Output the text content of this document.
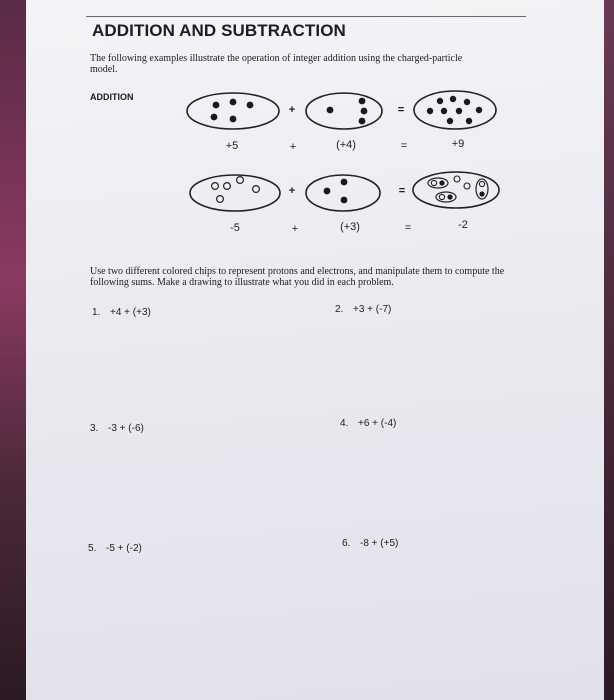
ADDITION AND SUBTRACTION
The following examples illustrate the operation of integer addition using the charged-particle model.
ADDITION
+	=
+5	+	(+4)	=	+9
+	=
-5	+	(+3)	=	-2
Use two different colored chips to represent protons and electrons, and manipulate them to compute the following sums. Make a drawing to illustrate what you did in each problem.
1. +4 + (+3)	2. +3 + (-7)
3. -3 + (-6)	4. +6 + (-4)
5. -5 + (-2)	6. -8 + (+5)
